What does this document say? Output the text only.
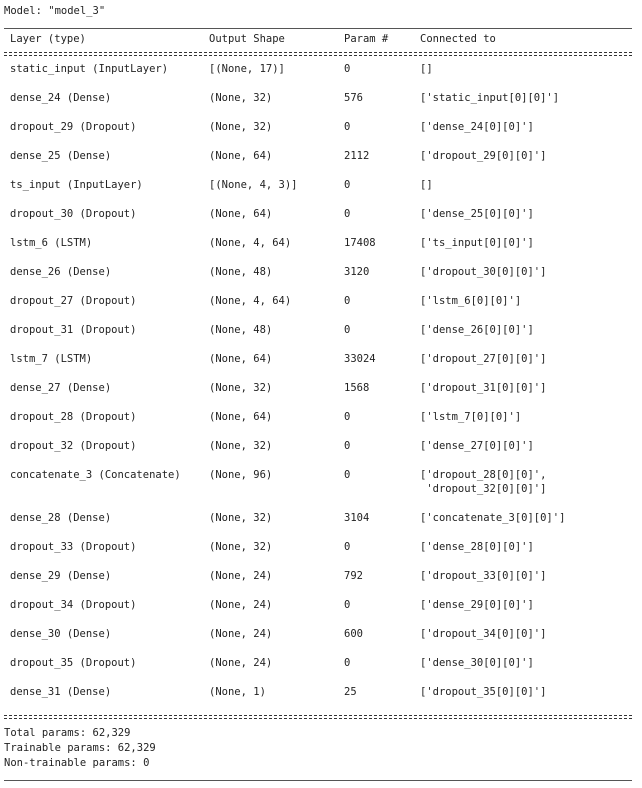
Model: "model_3"
Layer (type)	Output Shape	Param #	Connected to
static_input (InputLayer)	[(None, 17)]	0	[]
dense_24 (Dense)	(None, 32)	576	['static_input[0][0]']
dropout_29 (Dropout)	(None, 32)	0	['dense_24[0][0]']
dense_25 (Dense)	(None, 64)	2112	['dropout_29[0][0]']
ts_input (InputLayer)	[(None, 4, 3)]	0	[]
dropout_30 (Dropout)	(None, 64)	0	['dense_25[0][0]']
lstm_6 (LSTM)	(None, 4, 64)	17408	['ts_input[0][0]']
dense_26 (Dense)	(None, 48)	3120	['dropout_30[0][0]']
dropout_27 (Dropout)	(None, 4, 64)	0	['lstm_6[0][0]']
dropout_31 (Dropout)	(None, 48)	0	['dense_26[0][0]']
lstm_7 (LSTM)	(None, 64)	33024	['dropout_27[0][0]']
dense_27 (Dense)	(None, 32)	1568	['dropout_31[0][0]']
dropout_28 (Dropout)	(None, 64)	0	['lstm_7[0][0]']
dropout_32 (Dropout)	(None, 32)	0	['dense_27[0][0]']
concatenate_3 (Concatenate)	(None, 96)	0	['dropout_28[0][0]',
'dropout_32[0][0]']
dense_28 (Dense)	(None, 32)	3104	['concatenate_3[0][0]']
dropout_33 (Dropout)	(None, 32)	0	['dense_28[0][0]']
dense_29 (Dense)	(None, 24)	792	['dropout_33[0][0]']
dropout_34 (Dropout)	(None, 24)	0	['dense_29[0][0]']
dense_30 (Dense)	(None, 24)	600	['dropout_34[0][0]']
dropout_35 (Dropout)	(None, 24)	0	['dense_30[0][0]']
dense_31 (Dense)	(None, 1)	25	['dropout_35[0][0]']
Total params: 62,329
Trainable params: 62,329
Non-trainable params: 0
